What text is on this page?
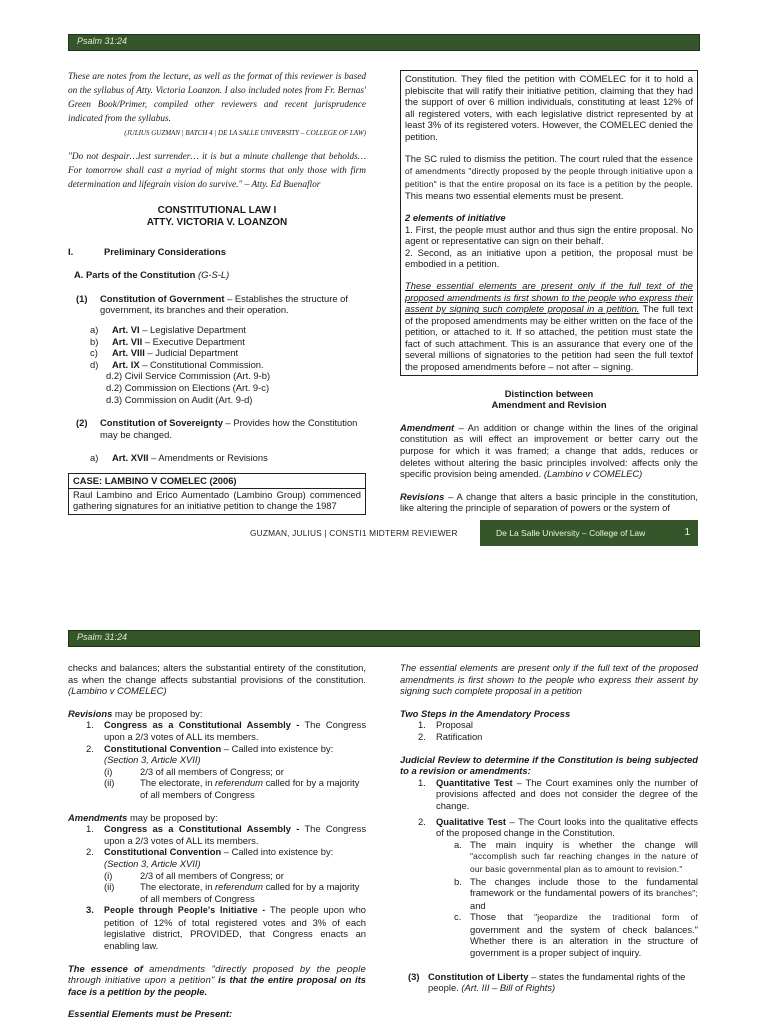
Psalm 31:24

These are notes from the lecture, as well as the format of this reviewer is based on the syllabus of Atty. Victoria Loanzon. I also included notes from Fr. Bernas' Green Book/Primer, compiled other reviewers and recent jurisprudence indicated from the syllabus.

(JULIUS GUZMAN | BATCH 4 | DE LA SALLE UNIVERSITY – COLLEGE OF LAW)

"Do not despair…lest surrender… it is but a minute challenge that beholds… For tomorrow shall cast a myriad of might storms that only those with firm determination and lifegrain vision do survive." – Atty. Ed Buenaflor

CONSTITUTIONAL LAW I

ATTY. VICTORIA V. LOANZON

I.	Preliminary Considerations

A. Parts of the Constitution (G-S-L)

(1)	Constitution of Government – Establishes the structure of government, its branches and their operation.
a)	Art. VI – Legislative Department
b)	Art. VII – Executive Department
c)	Art. VIII – Judicial Department
d)	Art. IX – Constitutional Commission.

d.2) Civil Service Commission (Art. 9-b)

d.2) Commission on Elections (Art. 9-c)

d.3) Commission on Audit (Art. 9-d)

(2)	Constitution of Sovereignty – Provides how the Constitution may be changed.
a)	Art. XVII – Amendments or Revisions

CASE: LAMBINO V COMELEC (2006)

Raul Lambino and Erico Aumentado (Lambino Group) commenced gathering signatures for an initiative petition to change the 1987

Constitution. They filed the petition with COMELEC for it to hold a plebiscite that will ratify their initiative petition, claiming that they had the support of over 6 million individuals, constituting at least 12% of all registered voters, with each legislative district represented by at least 3% of its registered voters. However, the COMELEC denied the petition.

The SC ruled to dismiss the petition. The court ruled that the essence of amendments "directly proposed by the people through initiative upon a petition" is that the entire proposal on its face is a petition by the people. This means two essential elements must be present.

2 elements of initiative

1. First, the people must author and thus sign the entire proposal. No agent or representative can sign on their behalf.

2. Second, as an initiative upon a petition, the proposal must be embodied in a petition.

These essential elements are present only if the full text of the proposed amendments is first shown to the people who express their assent by signing such complete proposal in a petition. The full text of the proposed amendments may be either written on the face of the petition, or attached to it. If so attached, the petition must state the fact of such attachment. This is an assurance that every one of the several millions of signatories to the petition had seen the full textof the proposed amendments before – not after – signing.

Distinction between

Amendment and Revision

Amendment – An addition or change within the lines of the original constitution as will effect an improvement or better carry out the purpose for which it was framed; a change that adds, reduces or deletes without altering the basic principles involved: affects only the specific provision being amended. (Lambino v COMELEC)

Revisions – A change that alters a basic principle in the constitution, like altering the principle of separation of powers or the system of

GUZMAN, JULIUS | CONSTI1 MIDTERM REVIEWER	De La Salle University – College of Law	1
Psalm 31:24

checks and balances; alters the substantial entirety of the constitution, as when the change affects substantial provisions of the constitution. (Lambino v COMELEC)

Revisions may be proposed by:

1.	Congress as a Constitutional Assembly - The Congress upon a 2/3 votes of ALL its members.
2.	Constitutional Convention – Called into existence by:

(Section 3, Article XVII)

(i)	2/3 of all members of Congress; or
(ii)	The electorate, in referendum called for by a majority of all members of Congress

Amendments may be proposed by:

1.	Congress as a Constitutional Assembly - The Congress upon a 2/3 votes of ALL its members.
2.	Constitutional Convention – Called into existence by:

(Section 3, Article XVII)

(i)	2/3 of all members of Congress; or
(ii)	The electorate, in referendum called for by a majority of all members of Congress
3.	People through People's Initiative - The people upon who petition of 12% of total registered votes and 3% of each legislative district, PROVIDED, that Congress enacts an enabling law.

The essence of amendments "directly proposed by the people through initiative upon a petition" is that the entire proposal on its face is a petition by the people.

Essential Elements must be Present:

The essential elements are present only if the full text of the proposed amendments is first shown to the people who express their assent by signing such complete proposal in a petition

Two Steps in the Amendatory Process

1.	Proposal
2.	Ratification

Judicial Review to determine if the Constitution is being subjected to a revision or amendments:

1.	Quantitative Test – The Court examines only the number of provisions affected and does not consider the degree of the change.
2.	Qualitative Test – The Court looks into the qualitative effects of the proposed change in the Constitution.
a. The main inquiry is whether the change will "accomplish such far reaching changes in the nature of our basic governmental plan as to amount to revision."
b. The changes include those to the fundamental framework or the fundamental powers of its branches"; and
c. Those that "jeopardize the traditional form of government and the system of check balances." Whether there is an alteration in the structure of government is a proper subject of inquiry.
(3) Constitution of Liberty – states the fundamental rights of the people. (Art. III – Bill of Rights)
